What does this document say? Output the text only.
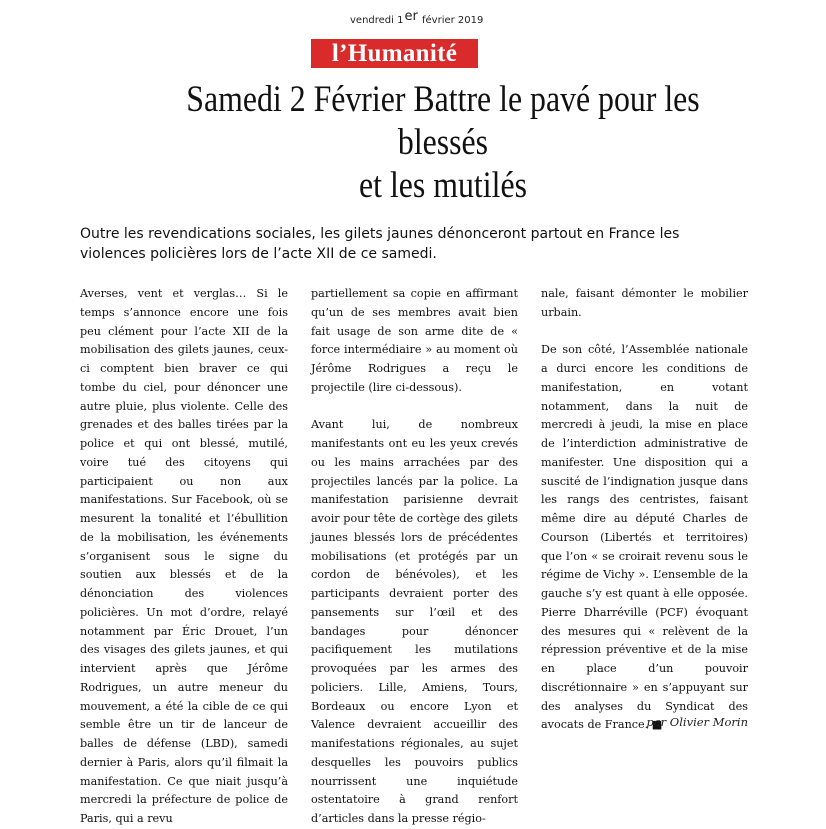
vendredi 1er février 2019
l’Humanité
Samedi 2 Février Battre le pavé pour les blessés
et les mutilés
Outre les revendications sociales, les gilets jaunes dénonceront partout en France les violences policières lors de l’acte XII de ce samedi.

Averses, vent et verglas… Si le temps s’annonce encore une fois peu clément pour l’acte XII de la mobilisation des gilets jaunes, ceux-ci comptent bien braver ce qui tombe du ciel, pour dénoncer une autre pluie, plus violente. Celle des grenades et des balles tirées par la police et qui ont blessé, mutilé, voire tué des citoyens qui participaient ou non aux manifestations. Sur Facebook, où se mesurent la tonalité et l’ébullition de la mobilisation, les événements s’organisent sous le signe du soutien aux blessés et de la dénonciation des violences policières. Un mot d’ordre, relayé notamment par Éric Drouet, l’un des visages des gilets jaunes, et qui intervient après que Jérôme Rodrigues, un autre meneur du mouvement, a été la cible de ce qui semble être un tir de lanceur de balles de défense (LBD), samedi dernier à Paris, alors qu’il filmait la manifestation. Ce que niait jusqu’à mercredi la préfecture de police de Paris, qui a revu

partiellement sa copie en affirmant qu’un de ses membres avait bien fait usage de son arme dite de « force intermédiaire » au moment où Jérôme Rodrigues a reçu le projectile (lire ci-dessous).

Avant lui, de nombreux manifestants ont eu les yeux crevés ou les mains arrachées par des projectiles lancés par la police. La manifestation parisienne devrait avoir pour tête de cortège des gilets jaunes blessés lors de précédentes mobilisations (et protégés par un cordon de bénévoles), et les participants devraient porter des pansements sur l’œil et des bandages pour dénoncer pacifiquement les mutilations provoquées par les armes des policiers. Lille, Amiens, Tours, Bordeaux ou encore Lyon et Valence devraient accueillir des manifestations régionales, au sujet desquelles les pouvoirs publics nourrissent une inquiétude ostentatoire à grand renfort d’articles dans la presse régio-

nale, faisant démonter le mobilier urbain.

De son côté, l’Assemblée nationale a durci encore les conditions de manifestation, en votant notamment, dans la nuit de mercredi à jeudi, la mise en place de l’interdiction administrative de manifester. Une disposition qui a suscité de l’indignation jusque dans les rangs des centristes, faisant même dire au député Charles de Courson (Libertés et territoires) que l’on « se croirait revenu sous le régime de Vichy ». L’ensemble de la gauche s’y est quant à elle opposée. Pierre Dharréville (PCF) évoquant des mesures qui « relèvent de la répression préventive et de la mise en place d’un pouvoir discrétionnaire » en s’appuyant sur des analyses du Syndicat des avocats de France. ■

par Olivier Morin
